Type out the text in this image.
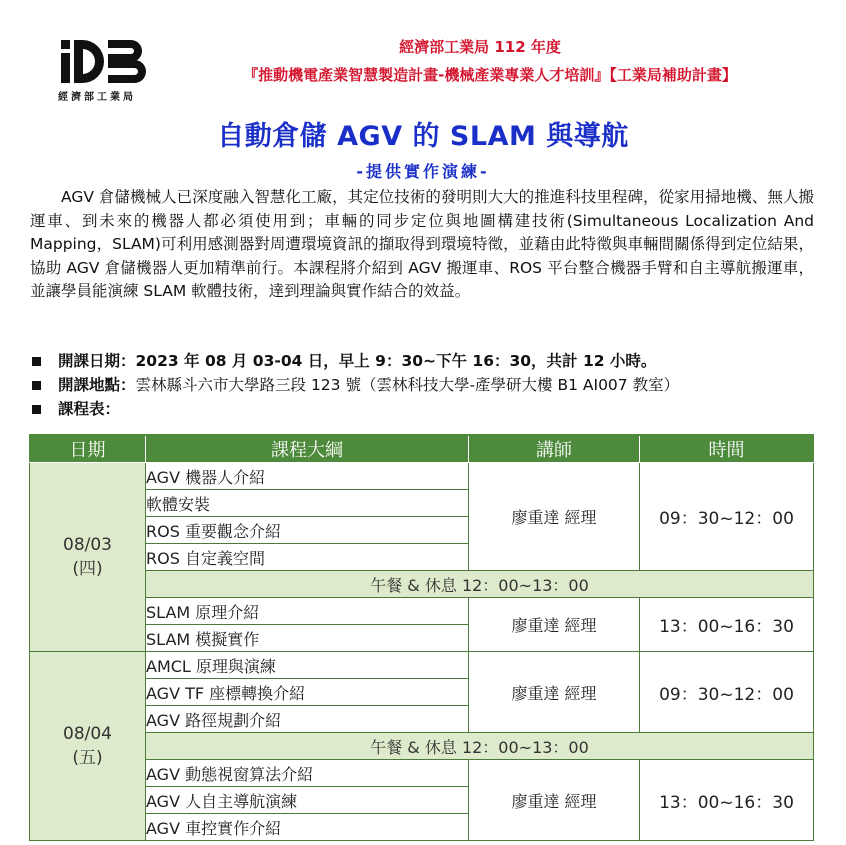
經濟部工業局
經濟部工業局 112 年度
『推動機電產業智慧製造計畫-機械產業專業人才培訓』【工業局補助計畫】
自動倉儲 AGV 的 SLAM 與導航
-提供實作演練-

AGV 倉儲機械人已深度融入智慧化工廠，其定位技術的發明則大大的推進科技里程碑，從家用掃地機、無人搬運車、到未來的機器人都必須使用到；車輛的同步定位與地圖構建技術(Simultaneous Localization And Mapping，SLAM)可利用感測器對周遭環境資訊的擷取得到環境特徵，並藉由此特徵與車輛間關係得到定位結果，協助 AGV 倉儲機器人更加精準前行。本課程將介紹到 AGV 搬運車、ROS 平台整合機器手臂和自主導航搬運車，並讓學員能演練 SLAM 軟體技術，達到理論與實作結合的效益。

開課日期： 2023 年 08 月 03-04 日，早上 9：30~下午 16：30，共計 12 小時。
開課地點： 雲林縣斗六市大學路三段 123 號（雲林科技大學-產學研大樓 B1 AI007 教室）
課程表：
日期	課程大綱	講師	時間

08/03
(四)	AGV 機器人介紹	廖重達 經理	09：30~12：00
	軟體安裝		
	ROS 重要觀念介紹		
	ROS 自定義空間		
	午餐 & 休息 12：00~13：00		
	SLAM 原理介紹	廖重達 經理	13：00~16：30
	SLAM 模擬實作		

08/04
(五)	AMCL 原理與演練	廖重達 經理	09：30~12：00
	AGV TF 座標轉換介紹		
	AGV 路徑規劃介紹		
	午餐 & 休息 12：00~13：00		
	AGV 動態視窗算法介紹	廖重達 經理	13：00~16：30
	AGV 人自主導航演練		
	AGV 車控實作介紹		
